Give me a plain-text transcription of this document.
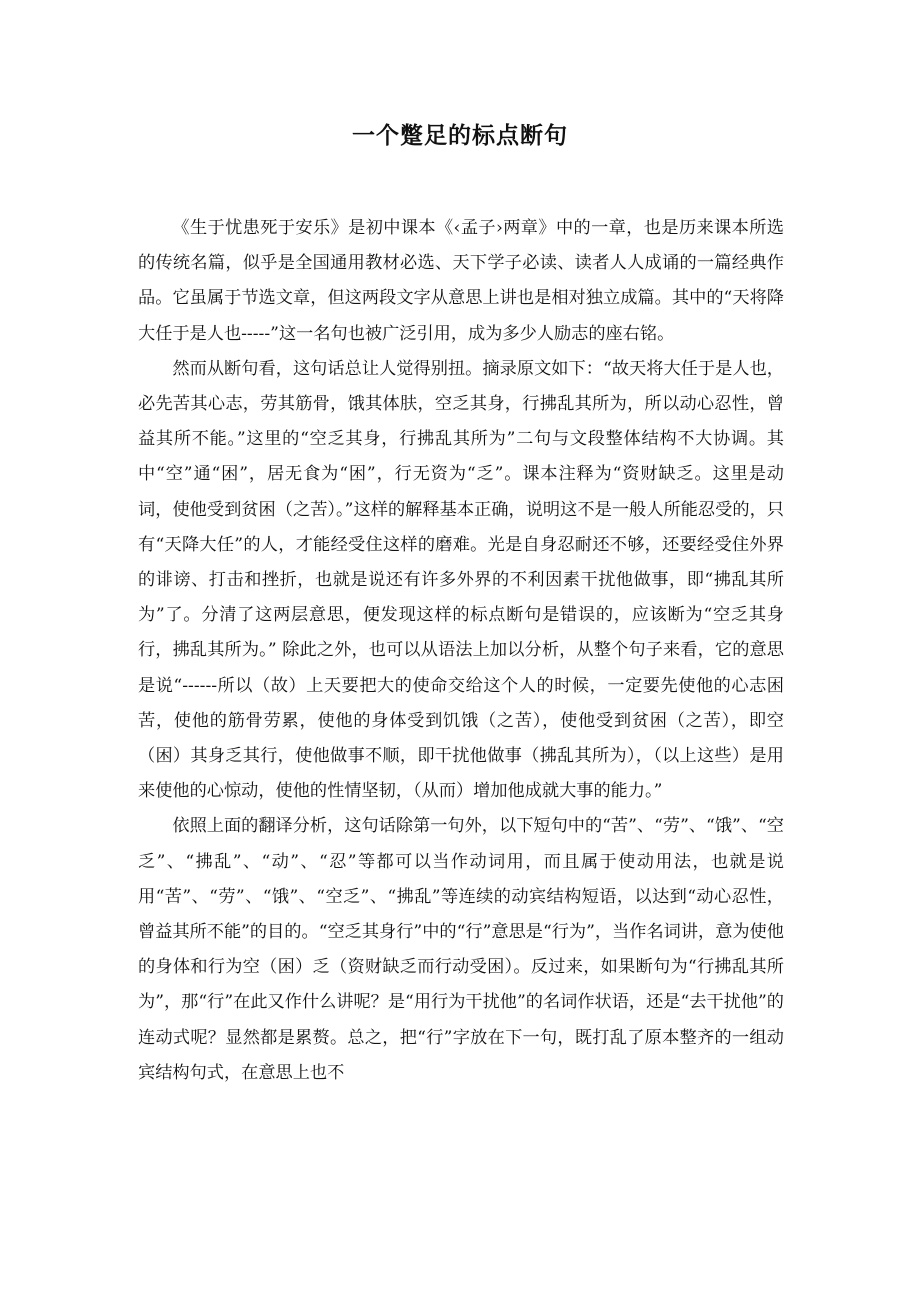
一个蹩足的标点断句

《生于忧患死于安乐》是初中课本《‹孟子›两章》中的一章，也是历来课本所选的传统名篇，似乎是全国通用教材必选、天下学子必读、读者人人成诵的一篇经典作品。它虽属于节选文章，但这两段文字从意思上讲也是相对独立成篇。其中的“天将降大任于是人也-----”这一名句也被广泛引用，成为多少人励志的座右铭。

然而从断句看，这句话总让人觉得别扭。摘录原文如下：“故天将大任于是人也，必先苦其心志，劳其筋骨，饿其体肤，空乏其身，行拂乱其所为，所以动心忍性，曾益其所不能。”这里的“空乏其身，行拂乱其所为”二句与文段整体结构不大协调。其中“空”通“困”，居无食为“困”，行无资为“乏”。课本注释为“资财缺乏。这里是动词，使他受到贫困（之苦）。”这样的解释基本正确，说明这不是一般人所能忍受的，只有“天降大任”的人，才能经受住这样的磨难。光是自身忍耐还不够，还要经受住外界的诽谤、打击和挫折，也就是说还有许多外界的不利因素干扰他做事，即“拂乱其所为”了。分清了这两层意思，便发现这样的标点断句是错误的，应该断为“空乏其身行，拂乱其所为。” 除此之外，也可以从语法上加以分析，从整个句子来看，它的意思是说“------所以（故）上天要把大的使命交给这个人的时候，一定要先使他的心志困苦，使他的筋骨劳累，使他的身体受到饥饿（之苦），使他受到贫困（之苦），即空（困）其身乏其行，使他做事不顺，即干扰他做事（拂乱其所为），（以上这些）是用来使他的心惊动，使他的性情坚韧，（从而）增加他成就大事的能力。”

依照上面的翻译分析，这句话除第一句外，以下短句中的“苦”、“劳”、“饿”、“空乏”、“拂乱”、“动”、“忍”等都可以当作动词用，而且属于使动用法，也就是说用“苦”、“劳”、“饿”、“空乏”、“拂乱”等连续的动宾结构短语，以达到“动心忍性，曾益其所不能”的目的。“空乏其身行”中的“行”意思是“行为”，当作名词讲，意为使他的身体和行为空（困）乏（资财缺乏而行动受困）。反过来，如果断句为“行拂乱其所为”，那“行”在此又作什么讲呢？是“用行为干扰他”的名词作状语，还是“去干扰他”的连动式呢？显然都是累赘。总之，把“行”字放在下一句，既打乱了原本整齐的一组动宾结构句式，在意思上也不
